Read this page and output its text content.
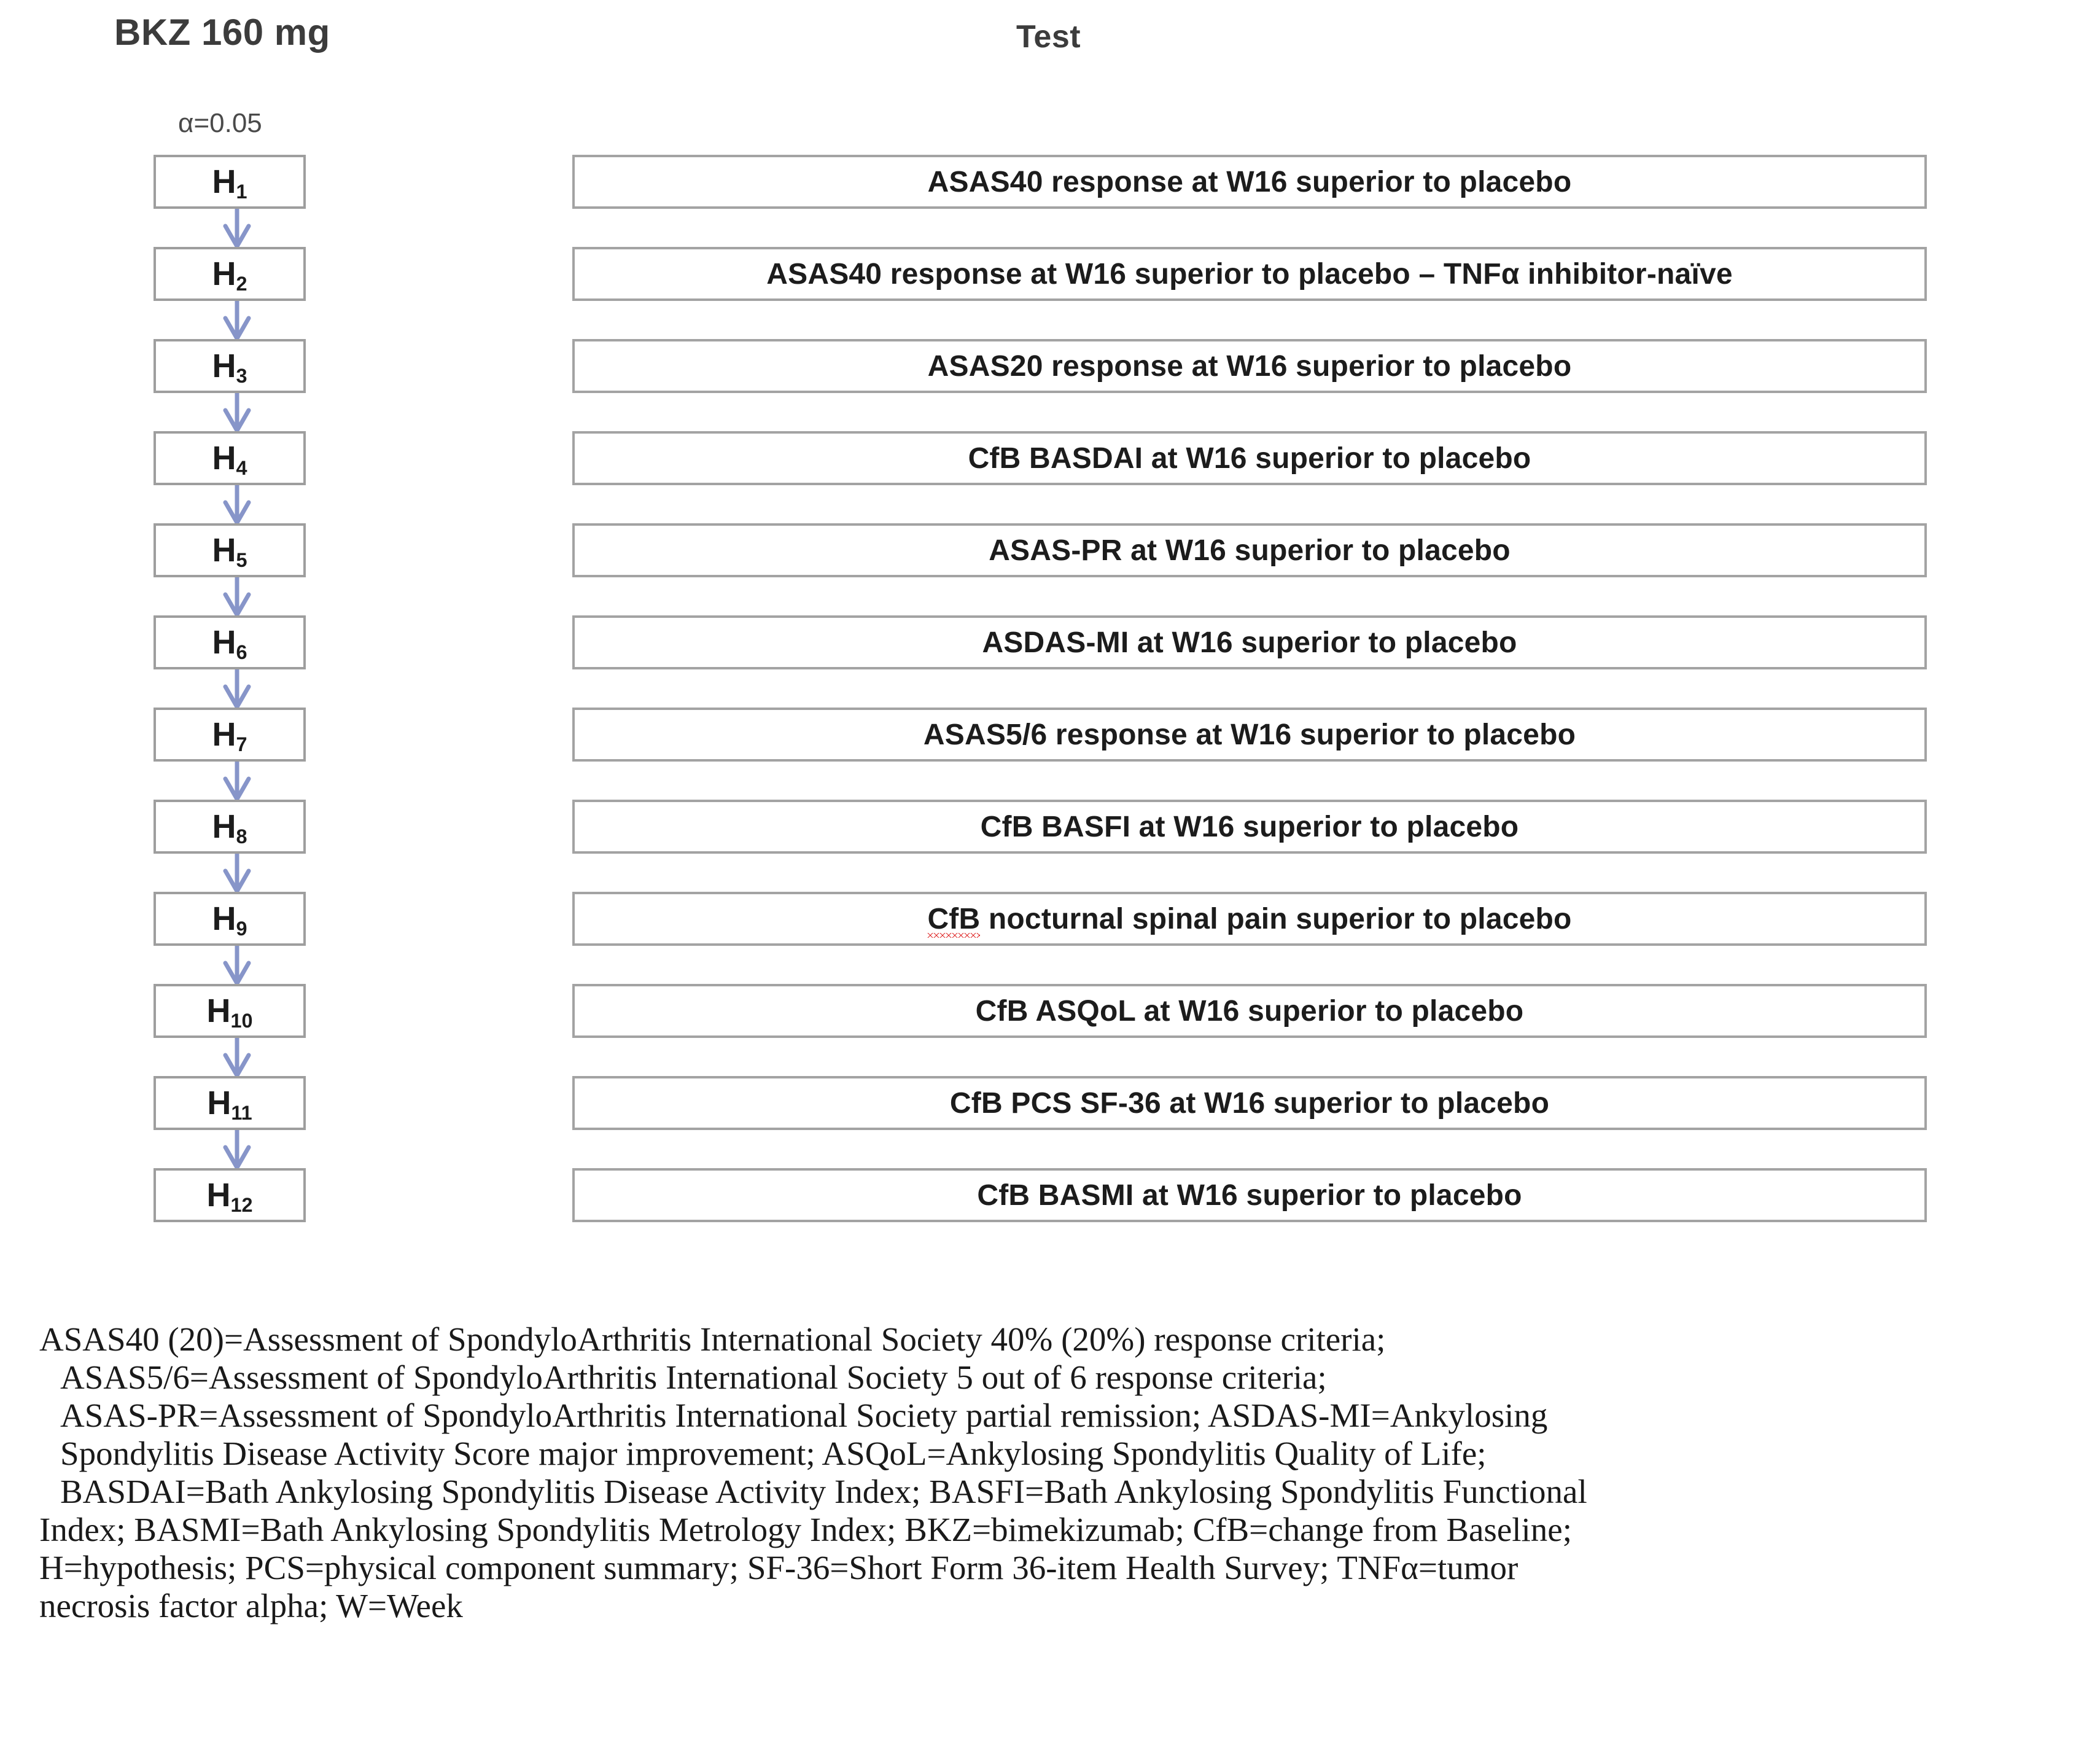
BKZ 160 mg	Test
α=0.05
$H_1$	ASAS40 response at W16 superior to placebo
$H_2$	ASAS40 response at W16 superior to placebo – TNFα inhibitor-naïve
$H_3$	ASAS20 response at W16 superior to placebo
$H_4$	CfB BASDAI at W16 superior to placebo
$H_5$	ASAS-PR at W16 superior to placebo
$H_6$	ASDAS-MI at W16 superior to placebo
$H_7$	ASAS5/6 response at W16 superior to placebo
$H_8$	CfB BASFI at W16 superior to placebo
$H_9$	CfB nocturnal spinal pain superior to placebo
$H_{10}$	CfB ASQoL at W16 superior to placebo
$H_{11}$	CfB PCS SF-36 at W16 superior to placebo
$H_{12}$	CfB BASMI at W16 superior to placebo
ASAS40 (20)=Assessment of SpondyloArthritis International Society 40% (20%) response criteria;
ASAS5/6=Assessment of SpondyloArthritis International Society 5 out of 6 response criteria;
ASAS-PR=Assessment of SpondyloArthritis International Society partial remission; ASDAS-MI=Ankylosing
Spondylitis Disease Activity Score major improvement; ASQoL=Ankylosing Spondylitis Quality of Life;
BASDAI=Bath Ankylosing Spondylitis Disease Activity Index; BASFI=Bath Ankylosing Spondylitis Functional
Index; BASMI=Bath Ankylosing Spondylitis Metrology Index; BKZ=bimekizumab; CfB=change from Baseline;
H=hypothesis; PCS=physical component summary; SF-36=Short Form 36-item Health Survey; TNFα=tumor
necrosis factor alpha; W=Week
